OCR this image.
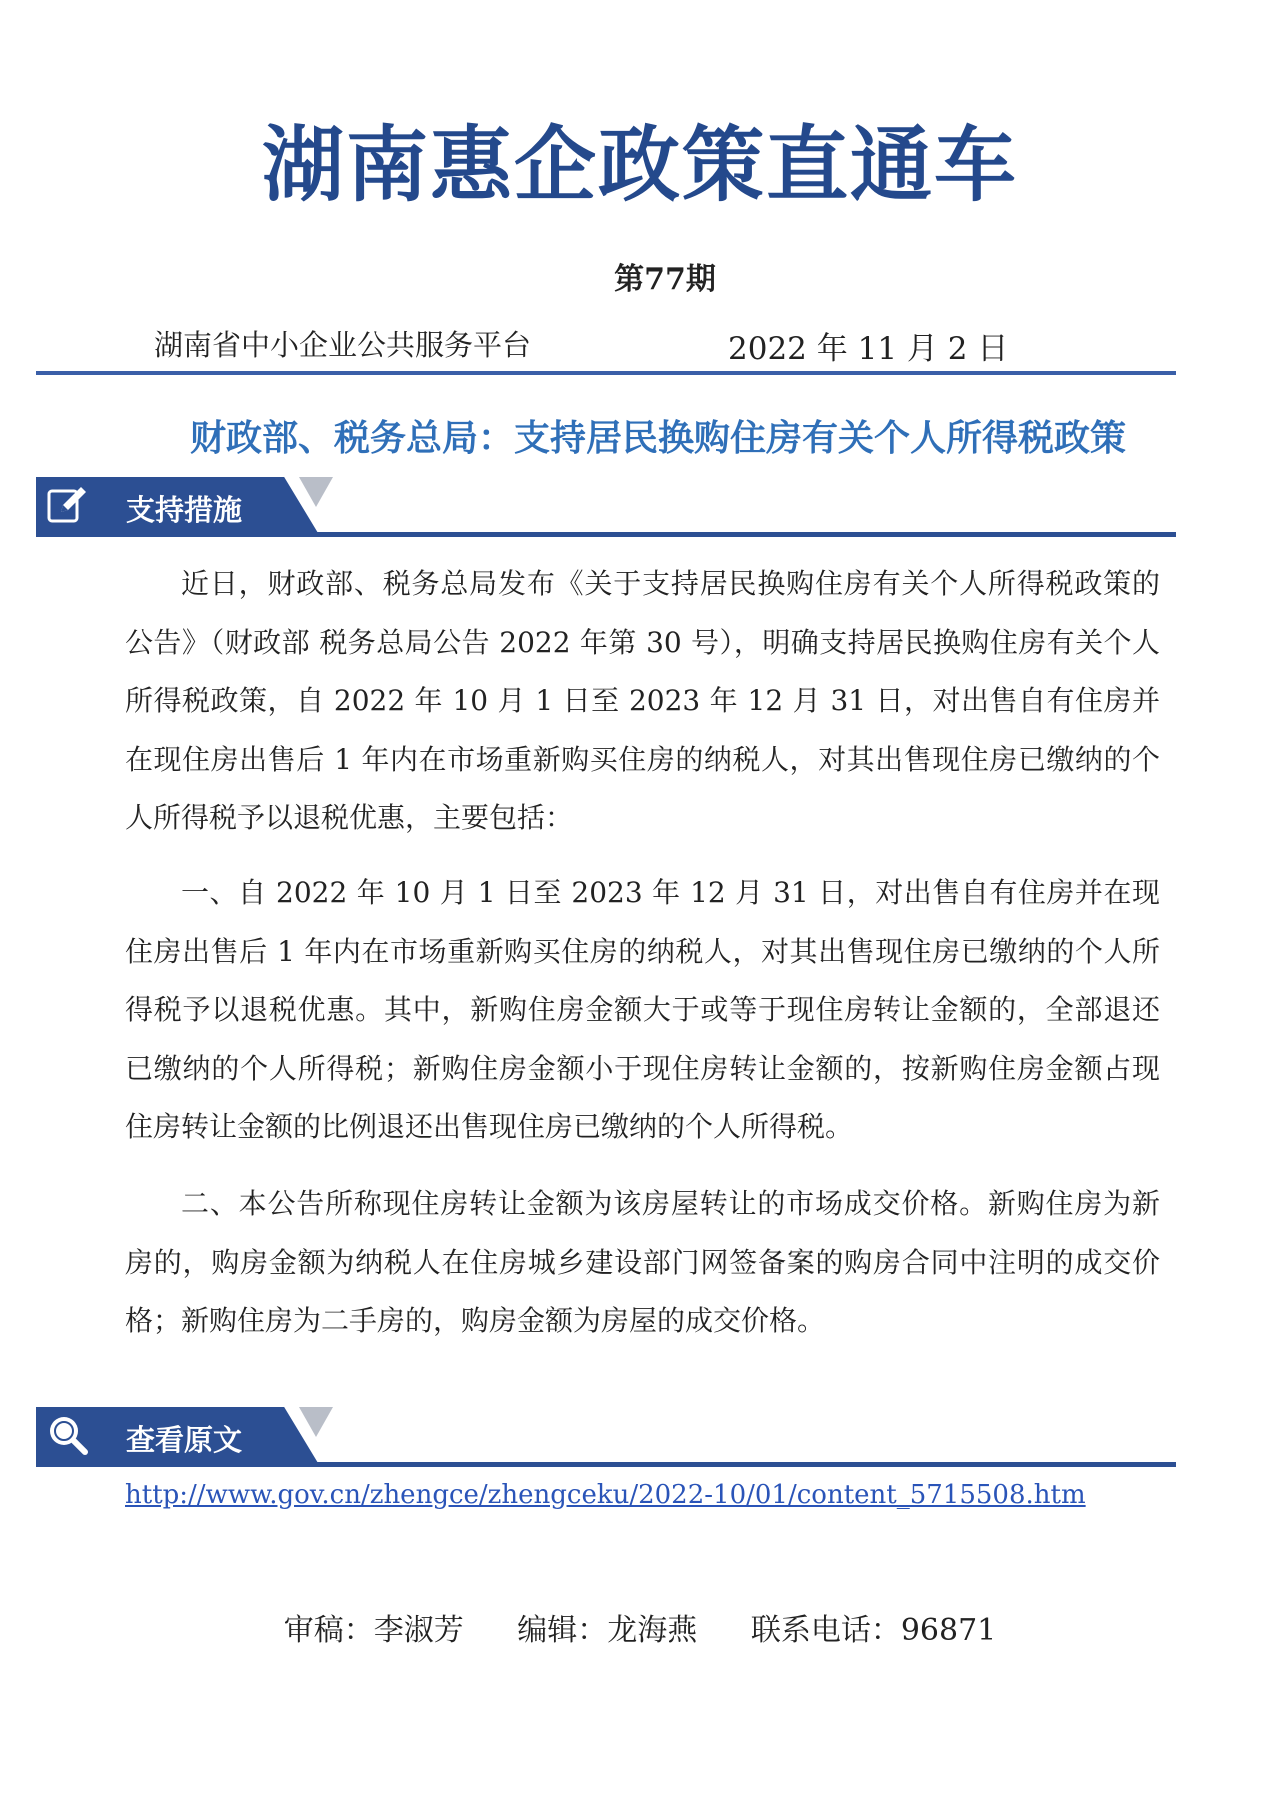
湖南惠企政策直通车
第77期
湖南省中小企业公共服务平台	2022 年 11 月 2 日
财政部、税务总局：支持居民换购住房有关个人所得税政策
支持措施

近日，财政部、税务总局发布《关于支持居民换购住房有关个人所得税政策的公告》（财政部 税务总局公告 2022 年第 30 号），明确支持居民换购住房有关个人所得税政策，自 2022 年 10 月 1 日至 2023 年 12 月 31 日，对出售自有住房并在现住房出售后 1 年内在市场重新购买住房的纳税人，对其出售现住房已缴纳的个人所得税予以退税优惠，主要包括：

一、自 2022 年 10 月 1 日至 2023 年 12 月 31 日，对出售自有住房并在现住房出售后 1 年内在市场重新购买住房的纳税人，对其出售现住房已缴纳的个人所得税予以退税优惠。其中，新购住房金额大于或等于现住房转让金额的，全部退还已缴纳的个人所得税；新购住房金额小于现住房转让金额的，按新购住房金额占现住房转让金额的比例退还出售现住房已缴纳的个人所得税。

二、本公告所称现住房转让金额为该房屋转让的市场成交价格。新购住房为新房的，购房金额为纳税人在住房城乡建设部门网签备案的购房合同中注明的成交价格；新购住房为二手房的，购房金额为房屋的成交价格。

查看原文
http://www.gov.cn/zhengce/zhengceku/2022-10/01/content_5715508.htm
审稿：李淑芳 编辑：龙海燕 联系电话：96871
